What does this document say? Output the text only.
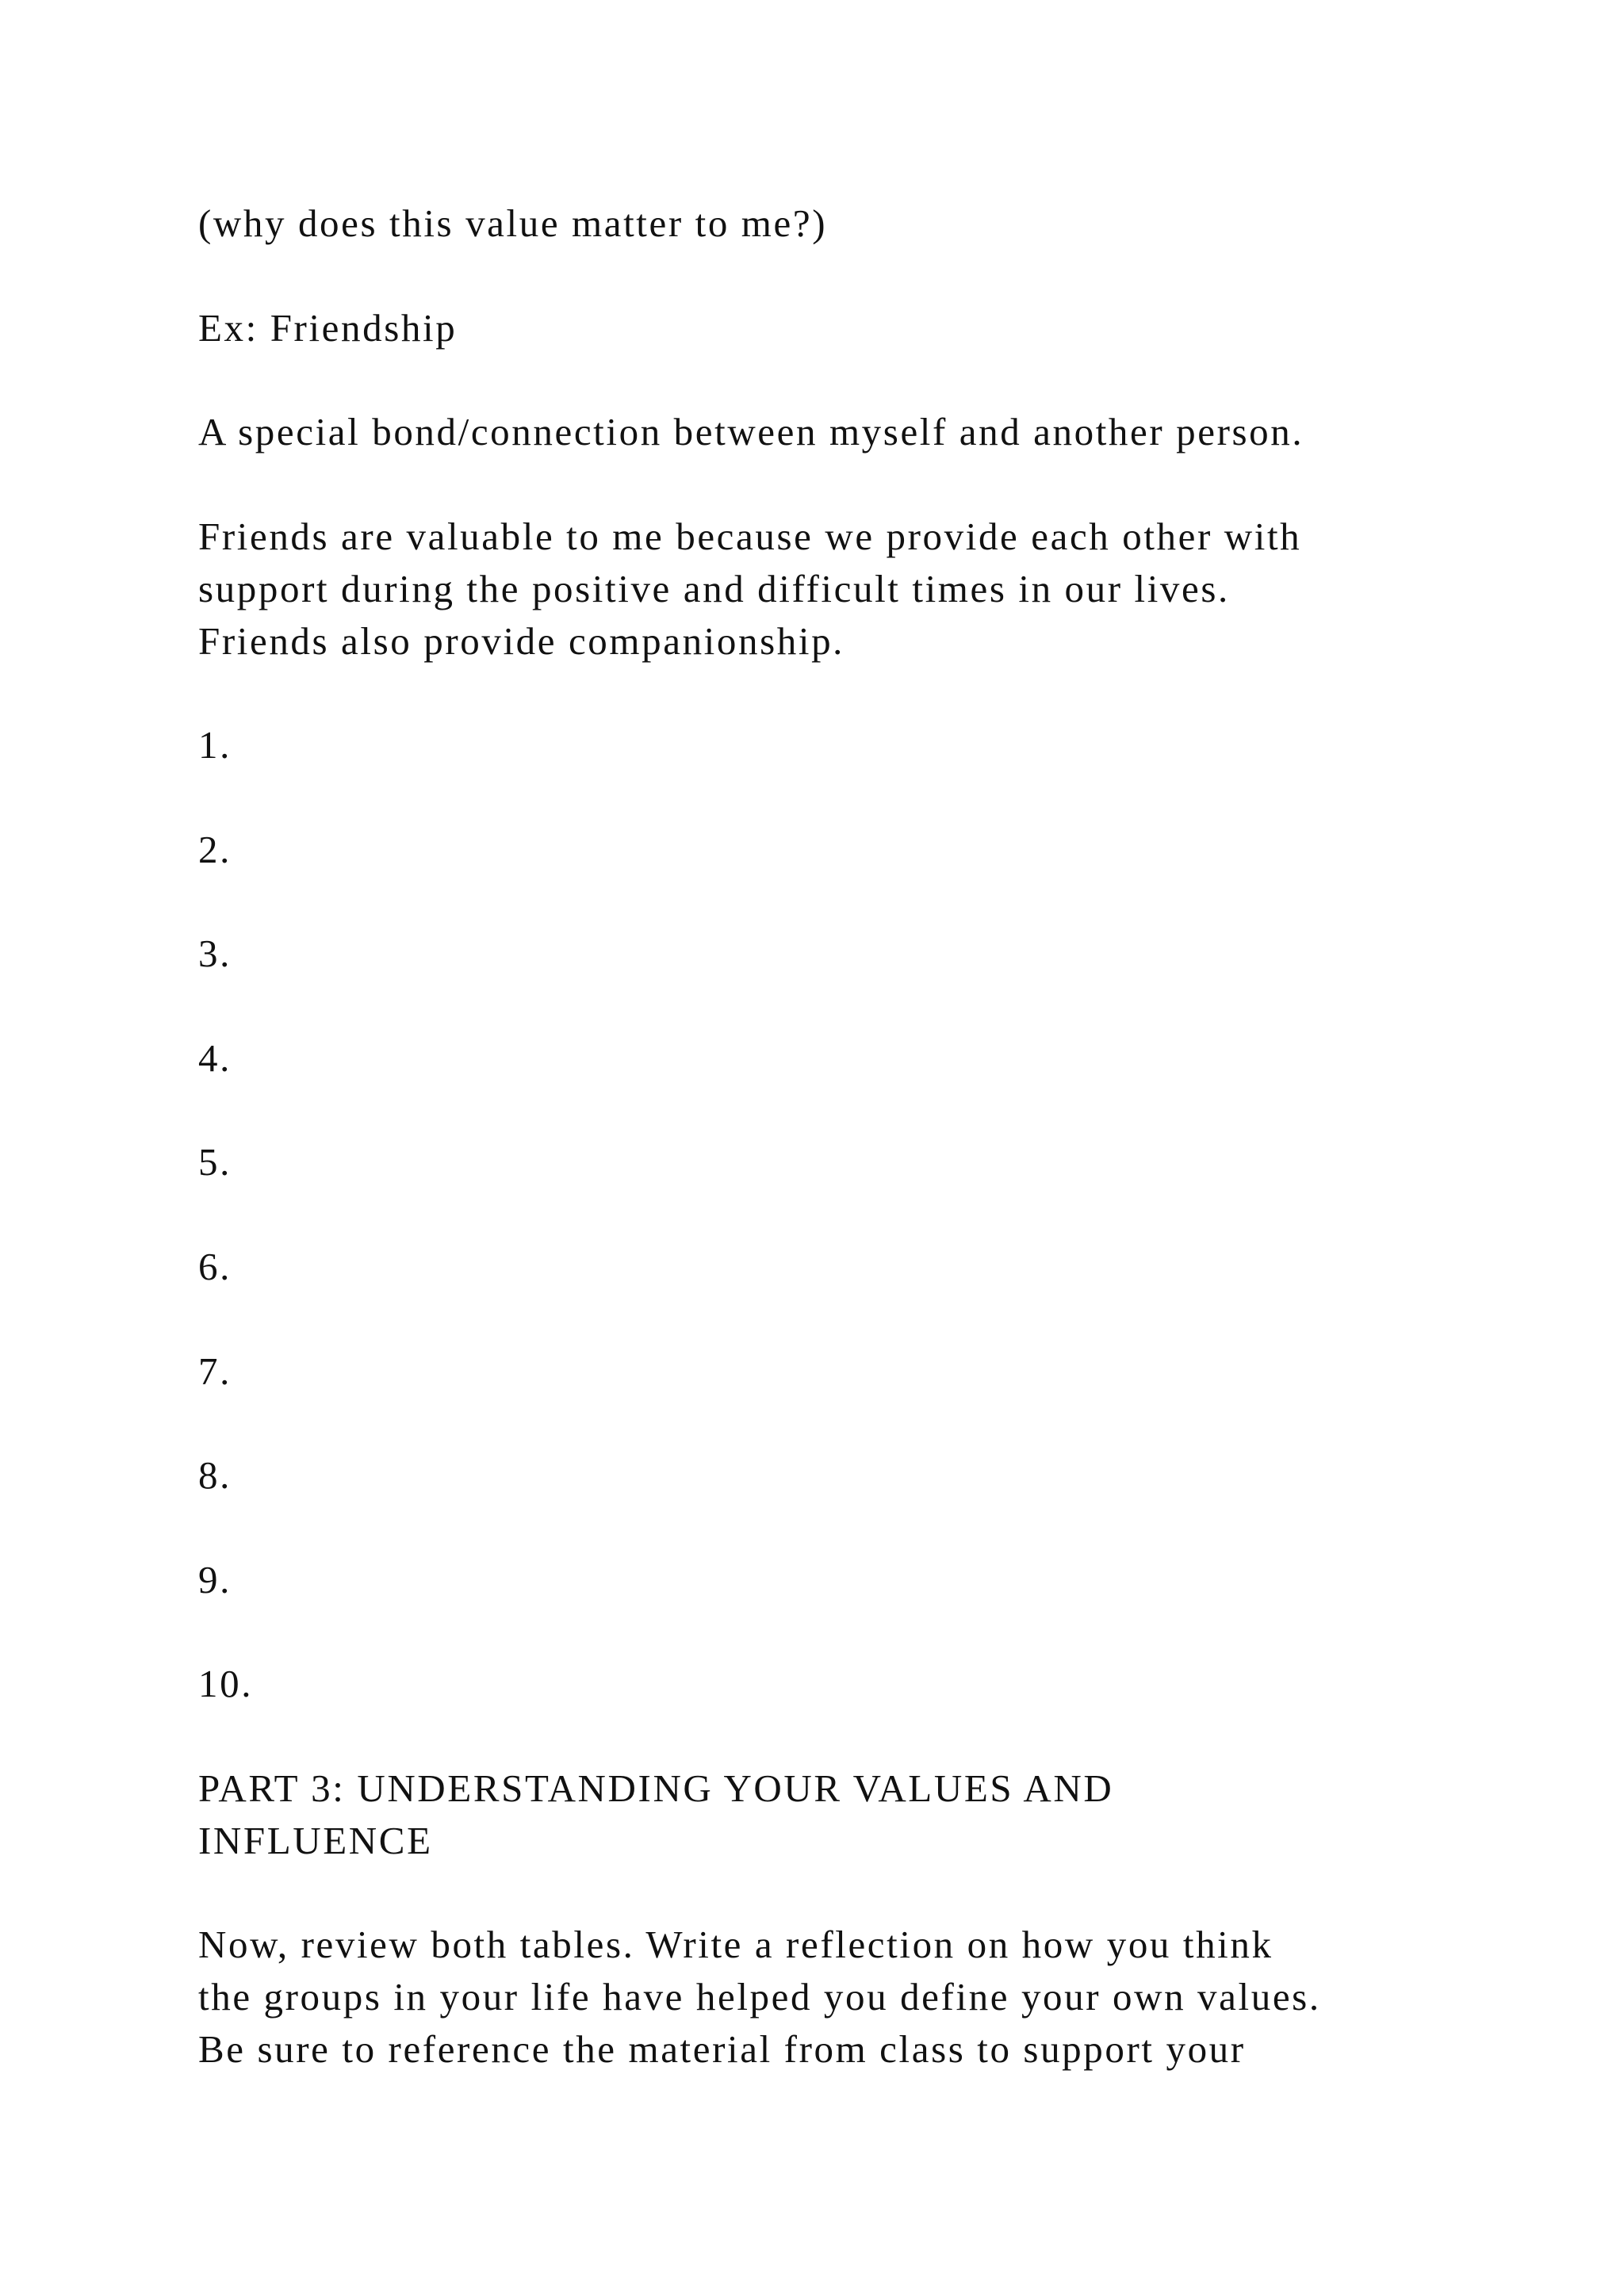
(why does this value matter to me?)

Ex: Friendship

A special bond/connection between myself and another person.

Friends are valuable to me because we provide each other with

support during the positive and difficult times in our lives.

Friends also provide companionship.

1.

2.

3.

4.

5.

6.

7.

8.

9.

10.

PART 3: UNDERSTANDING YOUR VALUES AND

INFLUENCE

Now, review both tables. Write a reflection on how you think

the groups in your life have helped you define your own values.

Be sure to reference the material from class to support your
